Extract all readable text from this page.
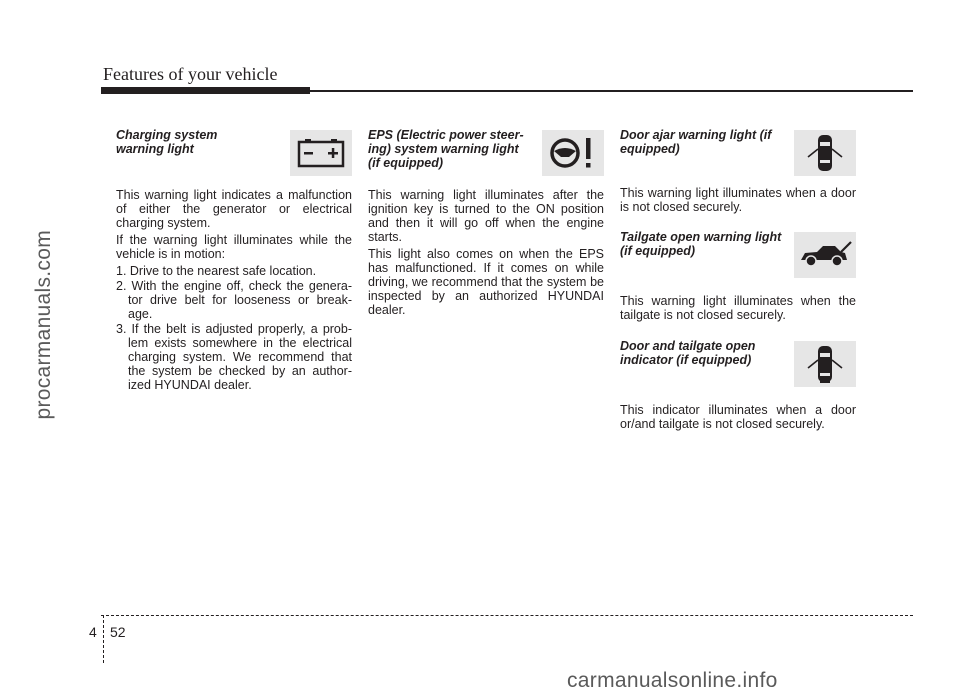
procarmanuals.com
Features of your vehicle
Charging system warning light

This warning light indicates a malfunction of either the generator or electrical charging system.

If the warning light illuminates while the vehicle is in motion:

1. Drive to the nearest safe location.
2. With the engine off, check the genera-tor drive belt for looseness or break-age.
3. If the belt is adjusted properly, a prob-lem exists somewhere in the electrical charging system. We recommend that the system be checked by an author-ized HYUNDAI dealer.
EPS (Electric power steer-ing) system warning light (if equipped)

This warning light illuminates after the ignition key is turned to the ON position and then it will go off when the engine starts.

This light also comes on when the EPS has malfunctioned. If it comes on while driving, we recommend that the system be inspected by an authorized HYUNDAI dealer.

Door ajar warning light (if equipped)

This warning light illuminates when a door is not closed securely.

Tailgate open warning light (if equipped)

This warning light illuminates when the tailgate is not closed securely.

Door and tailgate open indicator (if equipped)

This indicator illuminates when a door or/and tailgate is not closed securely.

4 52
carmanualsonline.info
